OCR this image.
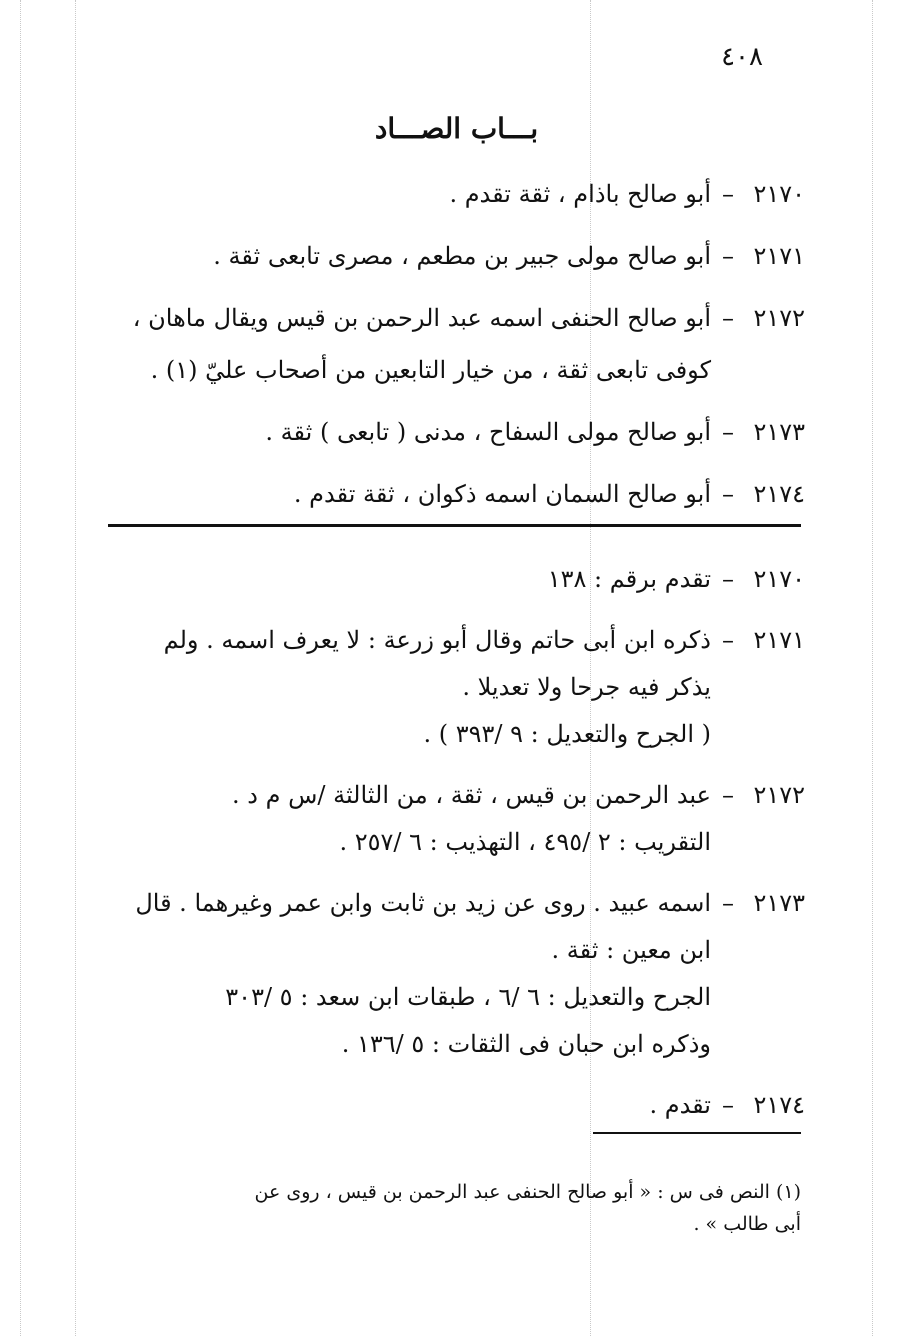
٤٠٨
بـــاب الصـــاد
٢١٧٠
–
أبو صالح باذام ، ثقة تقدم .
٢١٧١
–
أبو صالح مولى جبير بن مطعم ، مصرى تابعى ثقة .
٢١٧٢
–
أبو صالح الحنفى اسمه عبد الرحمن بن قيس ويقال ماهان ،
كوفى تابعى ثقة ، من خيار التابعين من أصحاب عليّ (١) .
٢١٧٣
–
أبو صالح مولى السفاح ، مدنى ( تابعى ) ثقة .
٢١٧٤
–
أبو صالح السمان اسمه ذكوان ، ثقة تقدم .
٢١٧٠
–
تقدم برقم : ١٣٨
٢١٧١
–
ذكره ابن أبى حاتم وقال أبو زرعة : لا يعرف اسمه . ولم
يذكر فيه جرحا ولا تعديلا .
( الجرح والتعديل : ٩ /٣٩٣ ) .
٢١٧٢
–
عبد الرحمن بن قيس ، ثقة ، من الثالثة /س م د .
التقريب : ٢ /٤٩٥ ، التهذيب : ٦ /٢٥٧ .
٢١٧٣
–
اسمه عبيد . روى عن زيد بن ثابت وابن عمر وغيرهما . قال
ابن معين : ثقة .
الجرح والتعديل : ٦ /٦ ، طبقات ابن سعد : ٥ /٣٠٣
وذكره ابن حبان فى الثقات : ٥ /١٣٦ .
٢١٧٤
–
تقدم .
(١) النص فى س : « أبو صالح الحنفى عبد الرحمن بن قيس ، روى عن
أبى طالب » .
